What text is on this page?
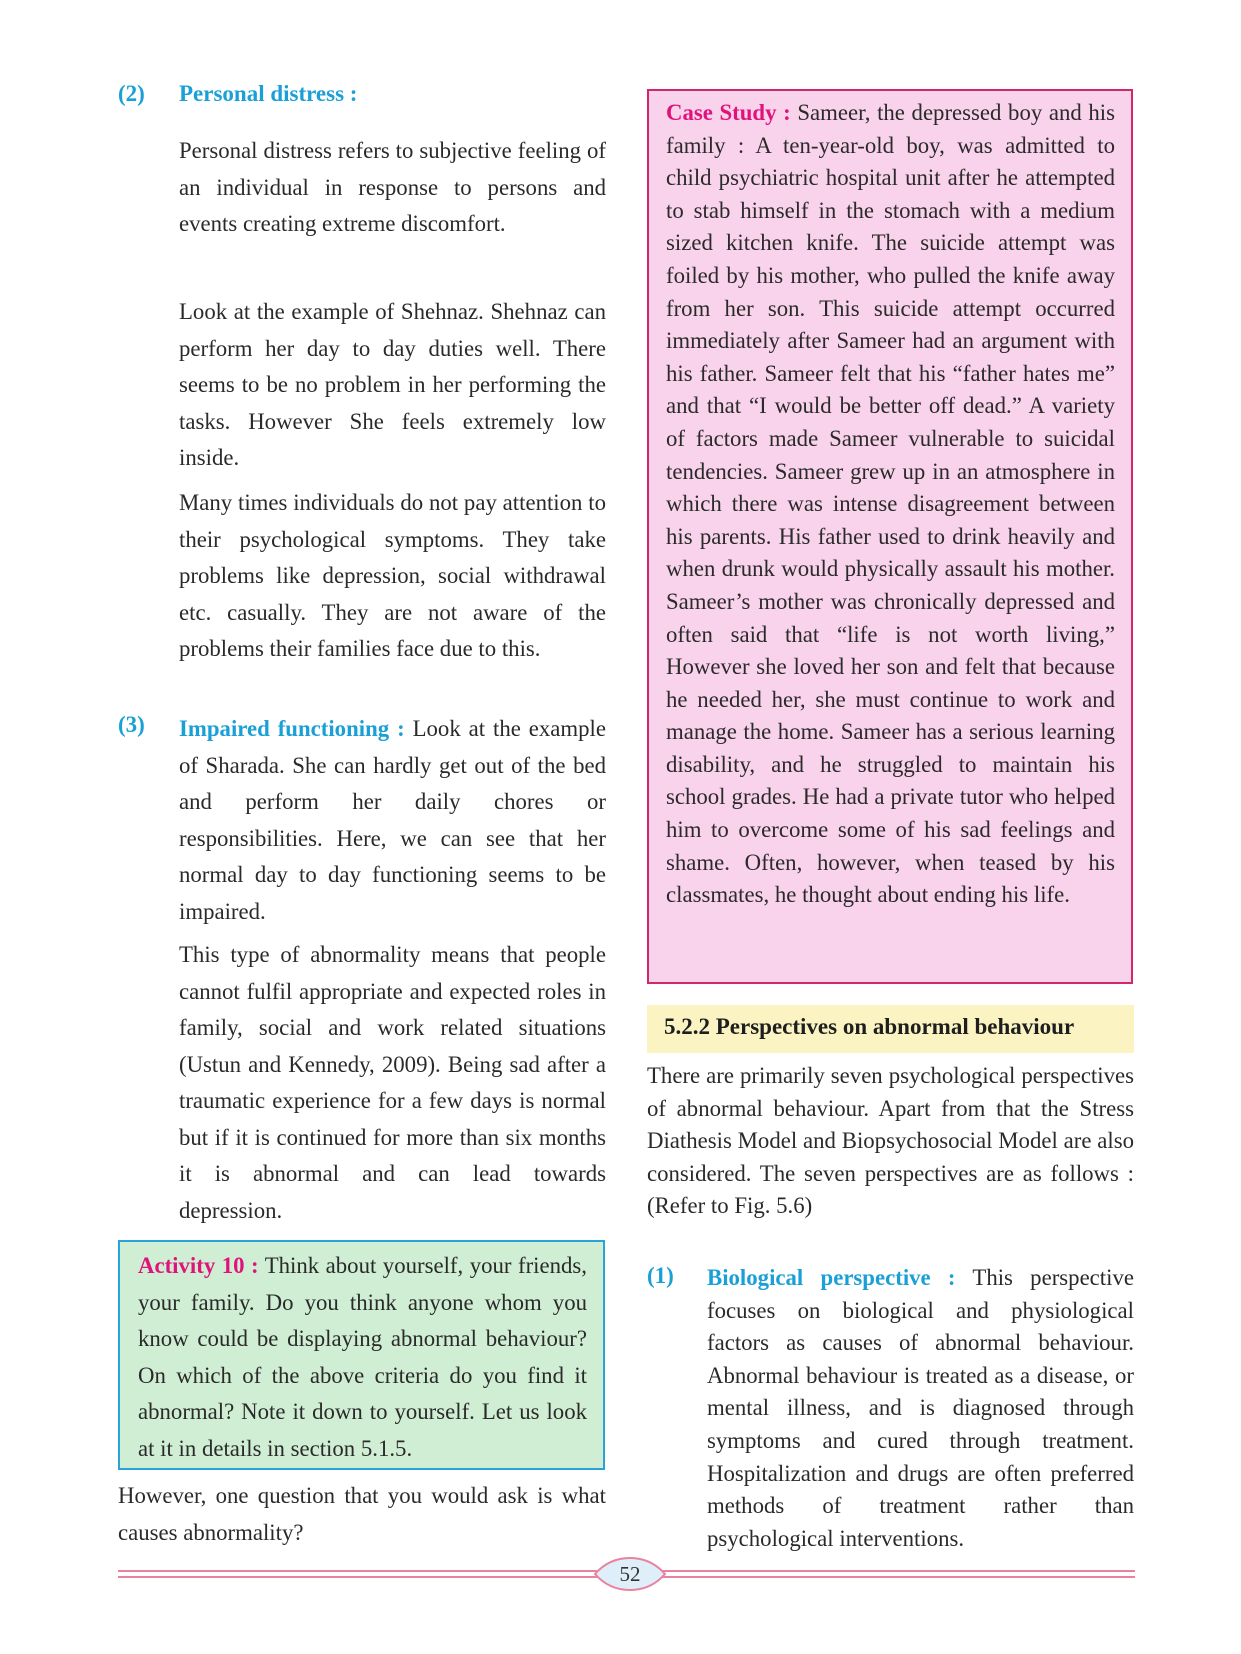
(2) Personal distress :

Personal distress refers to subjective feeling of an individual in response to persons and events creating extreme discomfort.

Look at the example of Shehnaz. Shehnaz can perform her day to day duties well. There seems to be no problem in her performing the tasks. However She feels extremely low inside.

Many times individuals do not pay attention to their psychological symptoms. They take problems like depression, social withdrawal etc. casually. They are not aware of the problems their families face due to this.

(3) Impaired functioning : Look at the example of Sharada. She can hardly get out of the bed and perform her daily chores or responsibilities. Here, we can see that her normal day to day functioning seems to be impaired.

This type of abnormality means that people cannot fulfil appropriate and expected roles in family, social and work related situations (Ustun and Kennedy, 2009). Being sad after a traumatic experience for a few days is normal but if it is continued for more than six months it is abnormal and can lead towards depression.

Activity 10 : Think about yourself, your friends, your family. Do you think anyone whom you know could be displaying abnormal behaviour? On which of the above criteria do you find it abnormal? Note it down to yourself. Let us look at it in details in section 5.1.5.

However, one question that you would ask is what causes abnormality?

Case Study : Sameer, the depressed boy and his family : A ten-year-old boy, was admitted to child psychiatric hospital unit after he attempted to stab himself in the stomach with a medium sized kitchen knife. The suicide attempt was foiled by his mother, who pulled the knife away from her son. This suicide attempt occurred immediately after Sameer had an argument with his father. Sameer felt that his “father hates me” and that “I would be better off dead.” A variety of factors made Sameer vulnerable to suicidal tendencies. Sameer grew up in an atmosphere in which there was intense disagreement between his parents. His father used to drink heavily and when drunk would physically assault his mother. Sameer’s mother was chronically depressed and often said that “life is not worth living,” However she loved her son and felt that because he needed her, she must continue to work and manage the home. Sameer has a serious learning disability, and he struggled to maintain his school grades. He had a private tutor who helped him to overcome some of his sad feelings and shame. Often, however, when teased by his classmates, he thought about ending his life.

5.2.2 Perspectives on abnormal behaviour

There are primarily seven psychological perspectives of abnormal behaviour. Apart from that the Stress Diathesis Model and Biopsychosocial Model are also considered. The seven perspectives are as follows : (Refer to Fig. 5.6)

(1) Biological perspective : This perspective focuses on biological and physiological factors as causes of abnormal behaviour. Abnormal behaviour is treated as a disease, or mental illness, and is diagnosed through symptoms and cured through treatment. Hospitalization and drugs are often preferred methods of treatment rather than psychological interventions.

52
